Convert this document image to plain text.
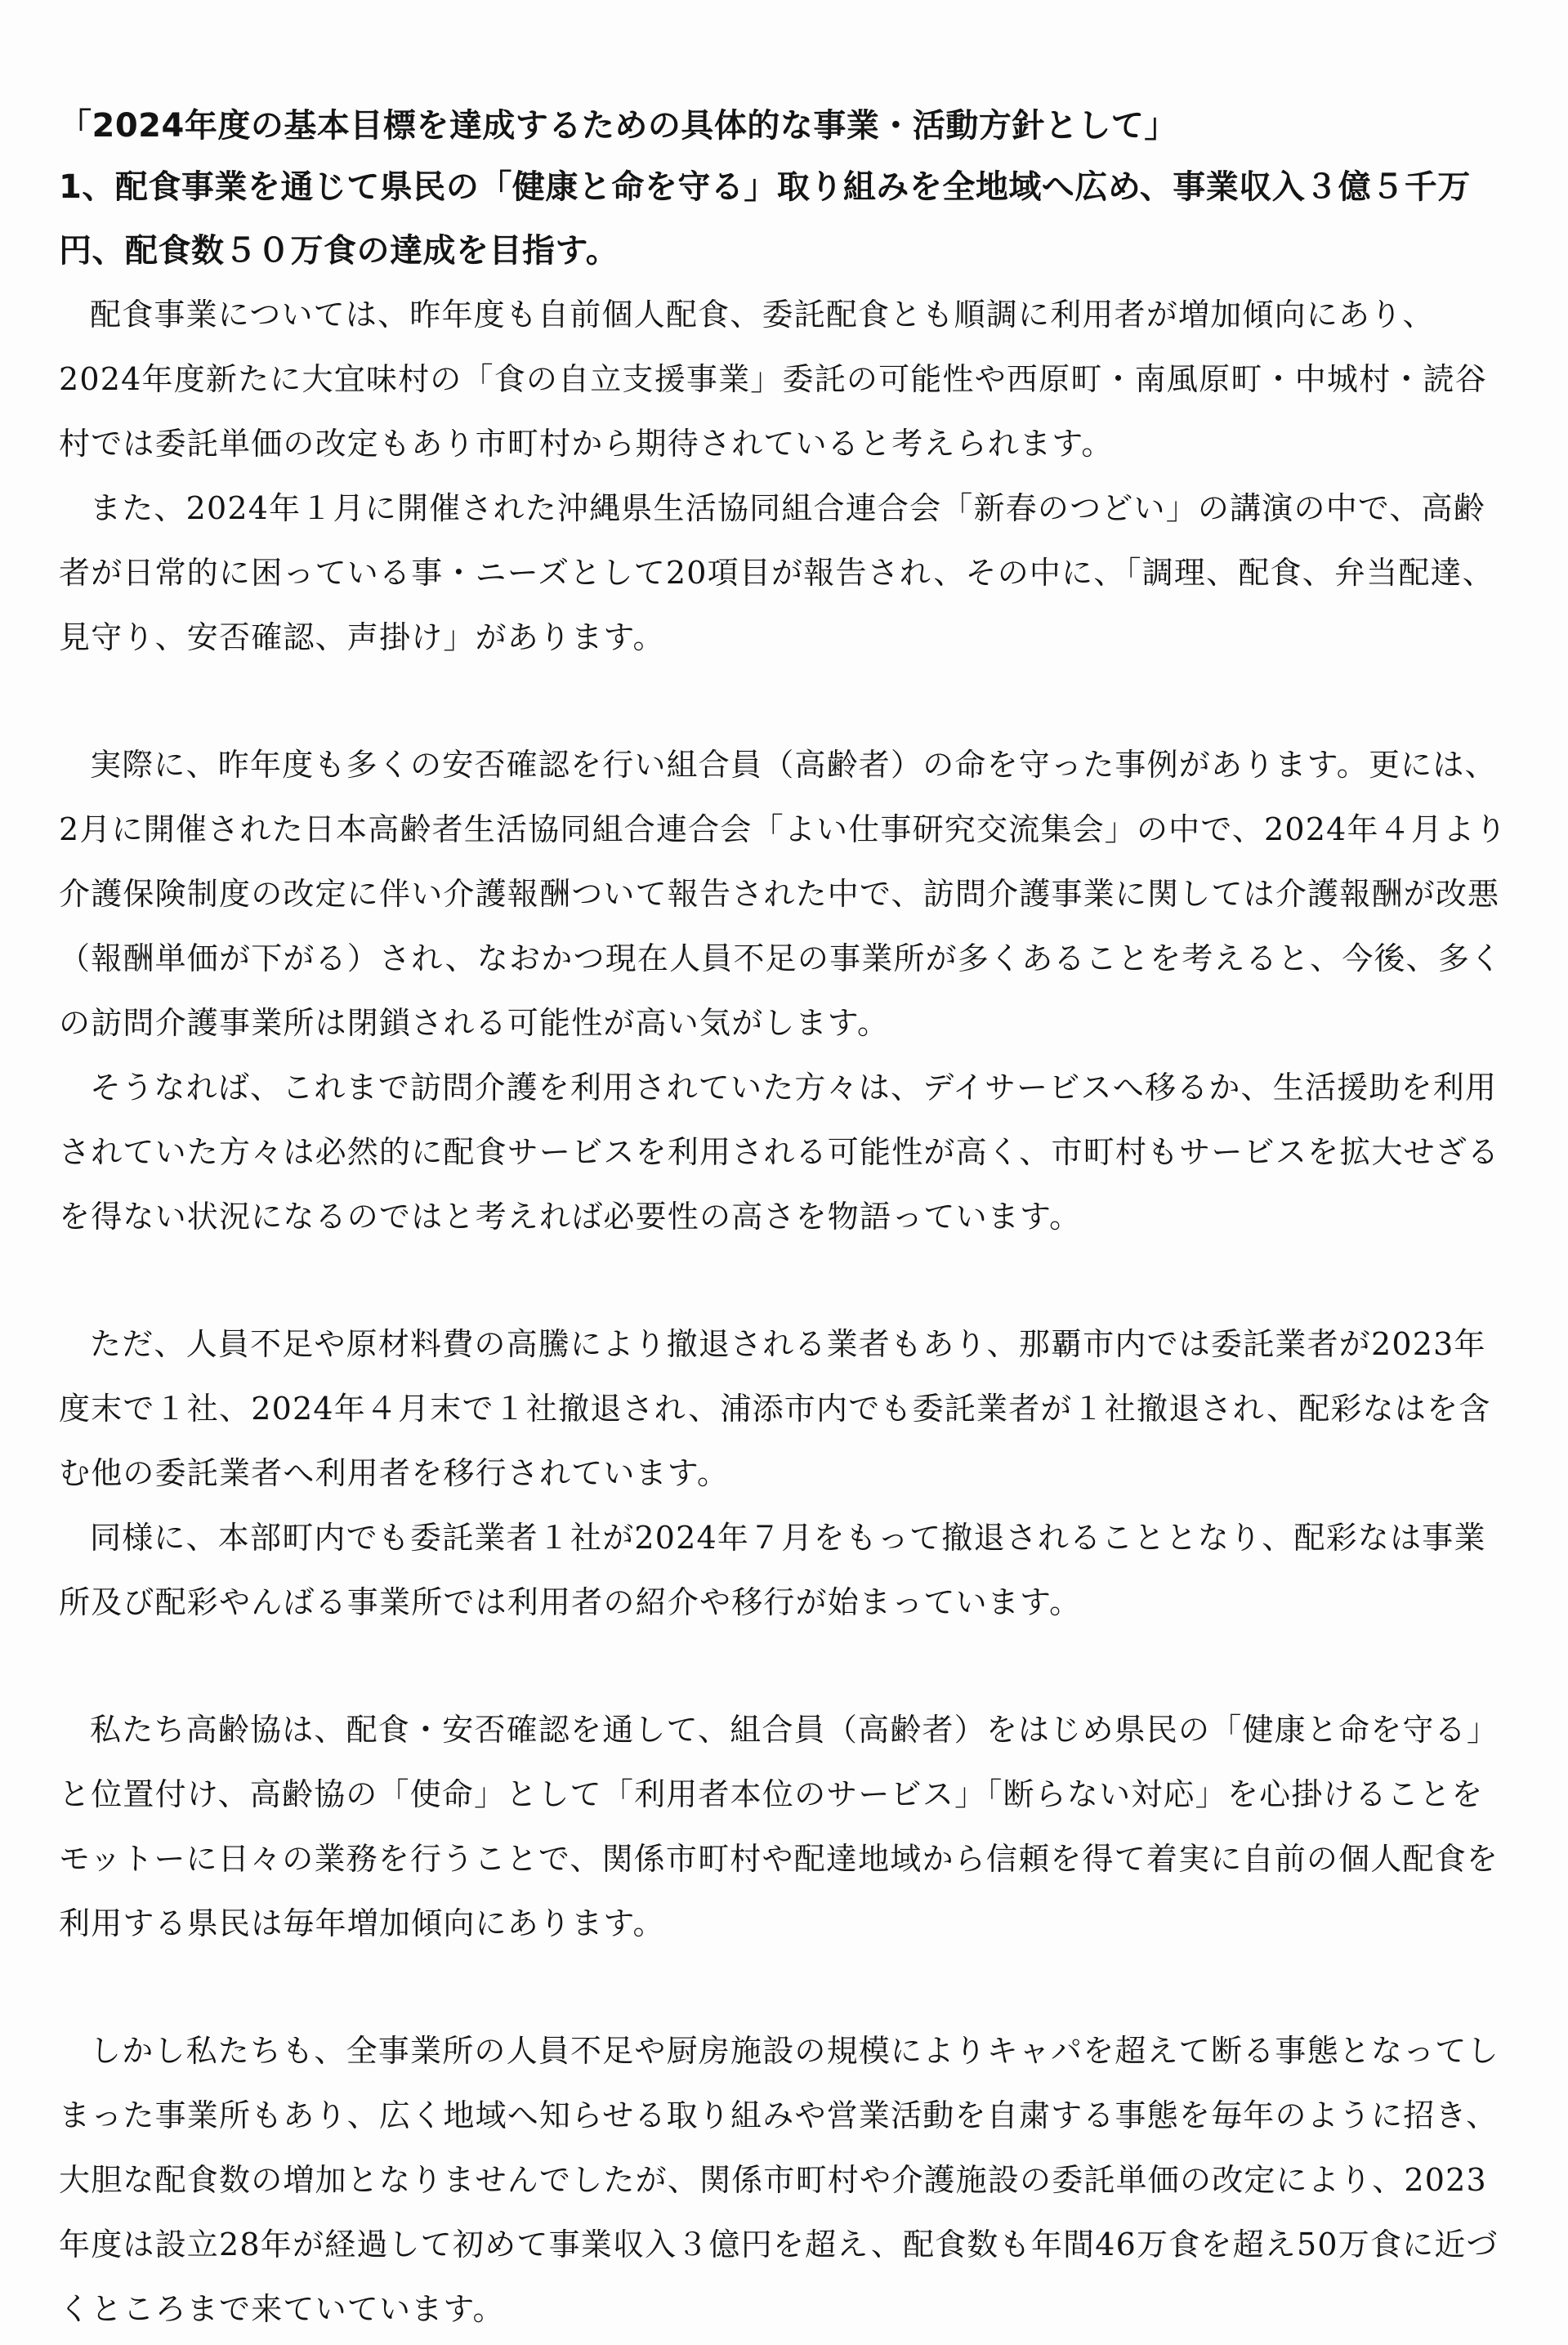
「2024年度の基本目標を達成するための具体的な事業・活動方針として」

1、配食事業を通じて県民の「健康と命を守る」取り組みを全地域へ広め、事業収入３億５千万円、配食数５０万食の達成を目指す。

配食事業については、昨年度も自前個人配食、委託配食とも順調に利用者が増加傾向にあり、2024年度新たに大宜味村の「食の自立支援事業」委託の可能性や西原町・南風原町・中城村・読谷村では委託単価の改定もあり市町村から期待されていると考えられます。

また、2024年１月に開催された沖縄県生活協同組合連合会「新春のつどい」の講演の中で、高齢者が日常的に困っている事・ニーズとして20項目が報告され、その中に、「調理、配食、弁当配達、見守り、安否確認、声掛け」があります。

実際に、昨年度も多くの安否確認を行い組合員（高齢者）の命を守った事例があります。更には、2月に開催された日本高齢者生活協同組合連合会「よい仕事研究交流集会」の中で、2024年４月より介護保険制度の改定に伴い介護報酬ついて報告された中で、訪問介護事業に関しては介護報酬が改悪（報酬単価が下がる）され、なおかつ現在人員不足の事業所が多くあることを考えると、今後、多くの訪問介護事業所は閉鎖される可能性が高い気がします。

そうなれば、これまで訪問介護を利用されていた方々は、デイサービスへ移るか、生活援助を利用されていた方々は必然的に配食サービスを利用される可能性が高く、市町村もサービスを拡大せざるを得ない状況になるのではと考えれば必要性の高さを物語っています。

ただ、人員不足や原材料費の高騰により撤退される業者もあり、那覇市内では委託業者が2023年度末で１社、2024年４月末で１社撤退され、浦添市内でも委託業者が１社撤退され、配彩なはを含む他の委託業者へ利用者を移行されています。

同様に、本部町内でも委託業者１社が2024年７月をもって撤退されることとなり、配彩なは事業所及び配彩やんばる事業所では利用者の紹介や移行が始まっています。

私たち高齢協は、配食・安否確認を通して、組合員（高齢者）をはじめ県民の「健康と命を守る」と位置付け、高齢協の「使命」として「利用者本位のサービス」「断らない対応」を心掛けることをモットーに日々の業務を行うことで、関係市町村や配達地域から信頼を得て着実に自前の個人配食を利用する県民は毎年増加傾向にあります。

しかし私たちも、全事業所の人員不足や厨房施設の規模によりキャパを超えて断る事態となってしまった事業所もあり、広く地域へ知らせる取り組みや営業活動を自粛する事態を毎年のように招き、大胆な配食数の増加となりませんでしたが、関係市町村や介護施設の委託単価の改定により、2023年度は設立28年が経過して初めて事業収入３億円を超え、配食数も年間46万食を超え50万食に近づくところまで来ていています。
